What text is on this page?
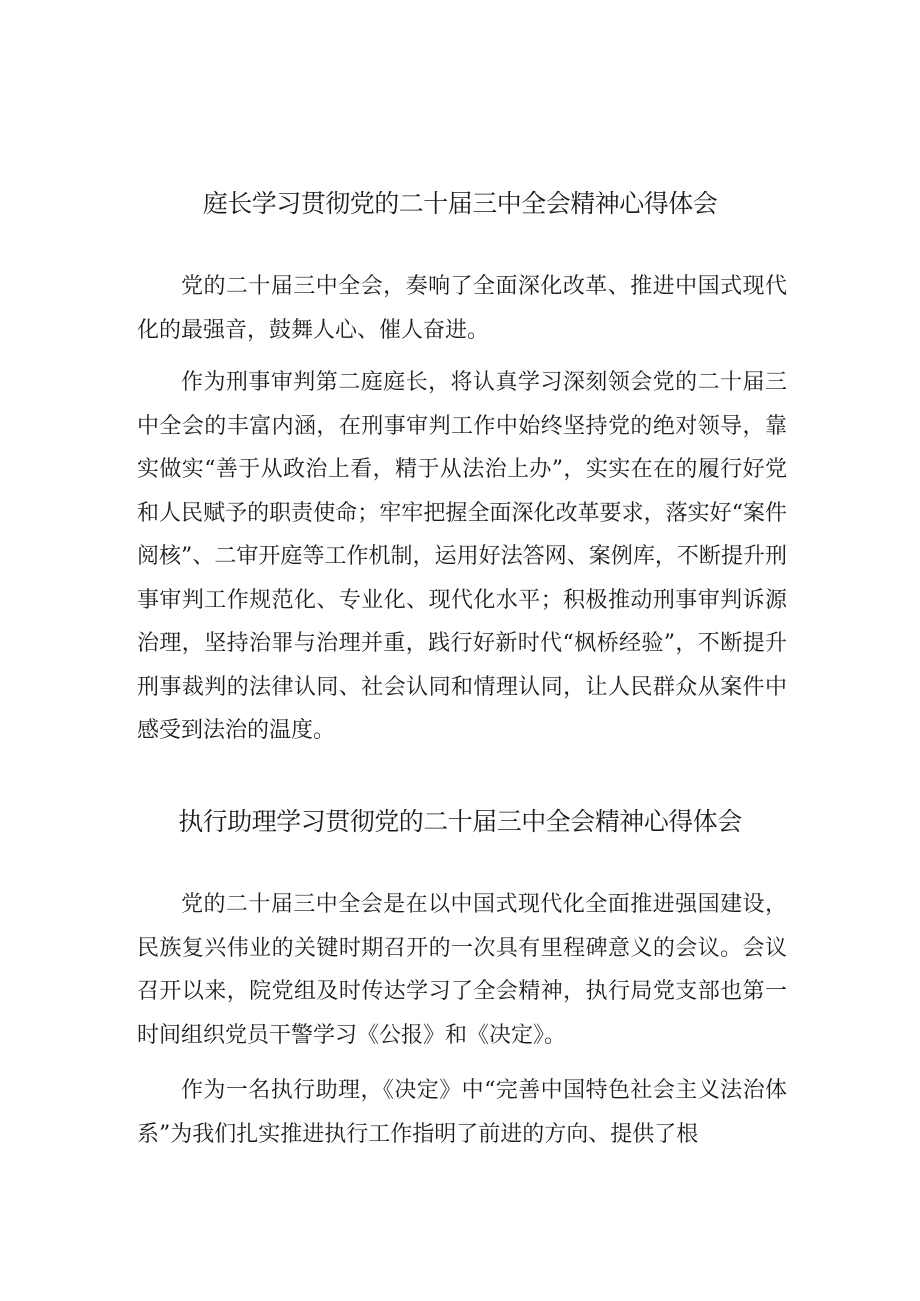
庭长学习贯彻党的二十届三中全会精神心得体会

党的二十届三中全会，奏响了全面深化改革、推进中国式现代化的最强音，鼓舞人心、催人奋进。

作为刑事审判第二庭庭长，将认真学习深刻领会党的二十届三中全会的丰富内涵，在刑事审判工作中始终坚持党的绝对领导，靠实做实“善于从政治上看，精于从法治上办”，实实在在的履行好党和人民赋予的职责使命；牢牢把握全面深化改革要求，落实好“案件阅核”、二审开庭等工作机制，运用好法答网、案例库，不断提升刑事审判工作规范化、专业化、现代化水平；积极推动刑事审判诉源治理，坚持治罪与治理并重，践行好新时代“枫桥经验”，不断提升刑事裁判的法律认同、社会认同和情理认同，让人民群众从案件中感受到法治的温度。

执行助理学习贯彻党的二十届三中全会精神心得体会

党的二十届三中全会是在以中国式现代化全面推进强国建设，民族复兴伟业的关键时期召开的一次具有里程碑意义的会议。会议召开以来，院党组及时传达学习了全会精神，执行局党支部也第一时间组织党员干警学习《公报》和《决定》。

作为一名执行助理，《决定》中“完善中国特色社会主义法治体系”为我们扎实推进执行工作指明了前进的方向、提供了根
